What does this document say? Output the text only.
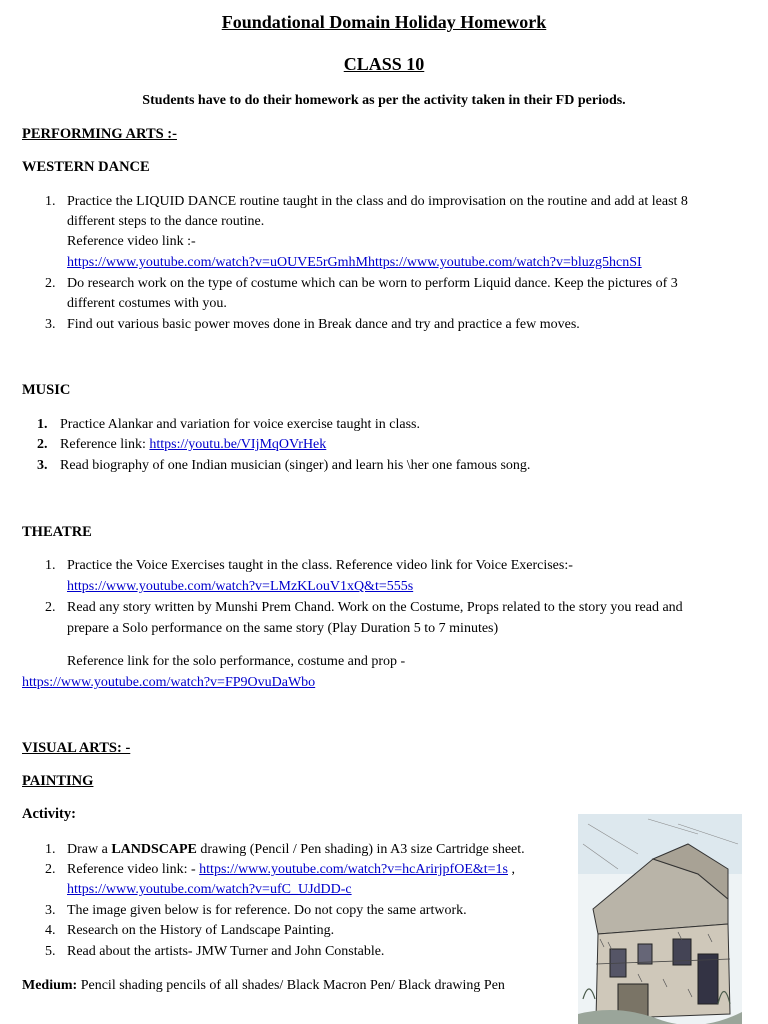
Foundational Domain Holiday Homework
CLASS 10
Students have to do their homework as per the activity taken in their FD periods.
PERFORMING ARTS :-
WESTERN DANCE
1. Practice the LIQUID DANCE routine taught in the class and do improvisation on the routine and add at least 8
different steps to the dance routine.
Reference video link :-
https://www.youtube.com/watch?v=uOUVE5rGmhMhttps://www.youtube.com/watch?v=bluzg5hcnSI
2. Do research work on the type of costume which can be worn to perform Liquid dance. Keep the pictures of 3
different costumes with you.
3. Find out various basic power moves done in Break dance and try and practice a few moves.
MUSIC
1. Practice Alankar and variation for voice exercise taught in class.
2. Reference link: https://youtu.be/VIjMqOVrHek
3. Read biography of one Indian musician (singer) and learn his \her one famous song.
THEATRE
1. Practice the Voice Exercises taught in the class. Reference video link for Voice Exercises:-
https://www.youtube.com/watch?v=LMzKLouV1xQ&t=555s
2. Read any story written by Munshi Prem Chand. Work on the Costume, Props related to the story you read and
prepare a Solo performance on the same story (Play Duration 5 to 7 minutes)
Reference link for the solo performance, costume and prop -
https://www.youtube.com/watch?v=FP9OvuDaWbo
VISUAL ARTS: -
PAINTING
Activity:
1. Draw a LANDSCAPE drawing (Pencil / Pen shading) in A3 size Cartridge sheet.
2. Reference video link: - https://www.youtube.com/watch?v=hcArirjpfOE&t=1s ,
https://www.youtube.com/watch?v=ufC_UJdDD-c
3. The image given below is for reference. Do not copy the same artwork.
4. Research on the History of Landscape Painting.
5. Read about the artists- JMW Turner and John Constable.
Medium: Pencil shading pencils of all shades/ Black Macron Pen/ Black drawing Pen
